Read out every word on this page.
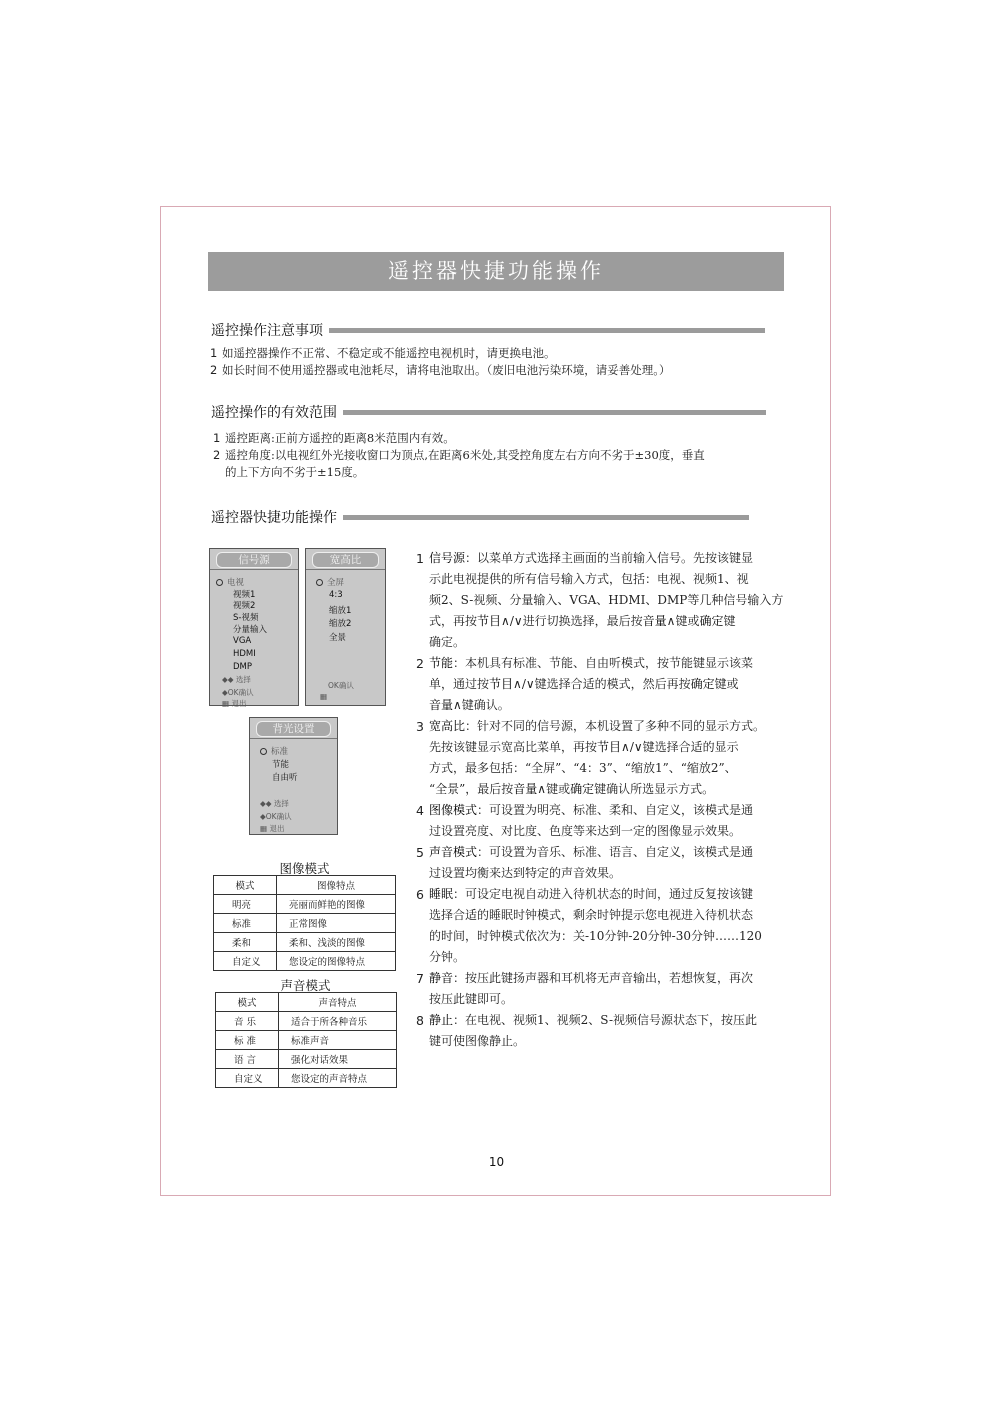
遥控器快捷功能操作
遥控操作注意事项
1 如遥控器操作不正常、不稳定或不能遥控电视机时，请更换电池。
2 如长时间不使用遥控器或电池耗尽，请将电池取出。（废旧电池污染环境，请妥善处理。）
遥控操作的有效范围
1 遥控距离:正前方遥控的距离8米范围内有效。
2 遥控角度:以电视红外光接收窗口为顶点,在距离6米处,其受控角度左右方向不劣于±30度，垂直
的上下方向不劣于±15度。
遥控器快捷功能操作
信号源
电视
视频1
视频2
S-视频
分量输入
VGA
HDMI
DMP
◆◆ 选择
◆OK确认
▦ 退出
宽高比
全屏
4:3
缩放1
缩放2
全景
OK确认
▦
背光设置
标准
节能
自由听
◆◆ 选择
◆OK确认
▦ 退出
图像模式
模式	图像特点
明亮	亮丽而鲜艳的图像
标准	正常图像
柔和	柔和、浅淡的图像
自定义	您设定的图像特点
声音模式
模式	声音特点
音 乐	适合于所各种音乐
标 准	标准声音
语 言	强化对话效果
自定义	您设定的声音特点
1 信号源：以菜单方式选择主画面的当前输入信号。先按该键显
示此电视提供的所有信号输入方式，包括：电视、视频1、视
频2、S-视频、分量输入、VGA、HDMI、DMP等几种信号输入方
式，再按节目∧/∨进行切换选择，最后按音量∧键或确定键
确定。
2 节能：本机具有标准、节能、自由听模式，按节能键显示该菜
单，通过按节目∧/∨键选择合适的模式，然后再按确定键或
音量∧键确认。
3 宽高比：针对不同的信号源，本机设置了多种不同的显示方式。
先按该键显示宽高比菜单，再按节目∧/∨键选择合适的显示
方式，最多包括：“全屏”、“4：3”、“缩放1”、“缩放2”、
“全景”，最后按音量∧键或确定键确认所选显示方式。
4 图像模式：可设置为明亮、标准、柔和、自定义，该模式是通
过设置亮度、对比度、色度等来达到一定的图像显示效果。
5 声音模式：可设置为音乐、标准、语言、自定义，该模式是通
过设置均衡来达到特定的声音效果。
6 睡眠：可设定电视自动进入待机状态的时间，通过反复按该键
选择合适的睡眠时钟模式，剩余时钟提示您电视进入待机状态
的时间，时钟模式依次为：关-10分钟-20分钟-30分钟……120
分钟。
7 静音：按压此键扬声器和耳机将无声音输出，若想恢复，再次
按压此键即可。
8 静止：在电视、视频1、视频2、S-视频信号源状态下，按压此
键可使图像静止。
10
